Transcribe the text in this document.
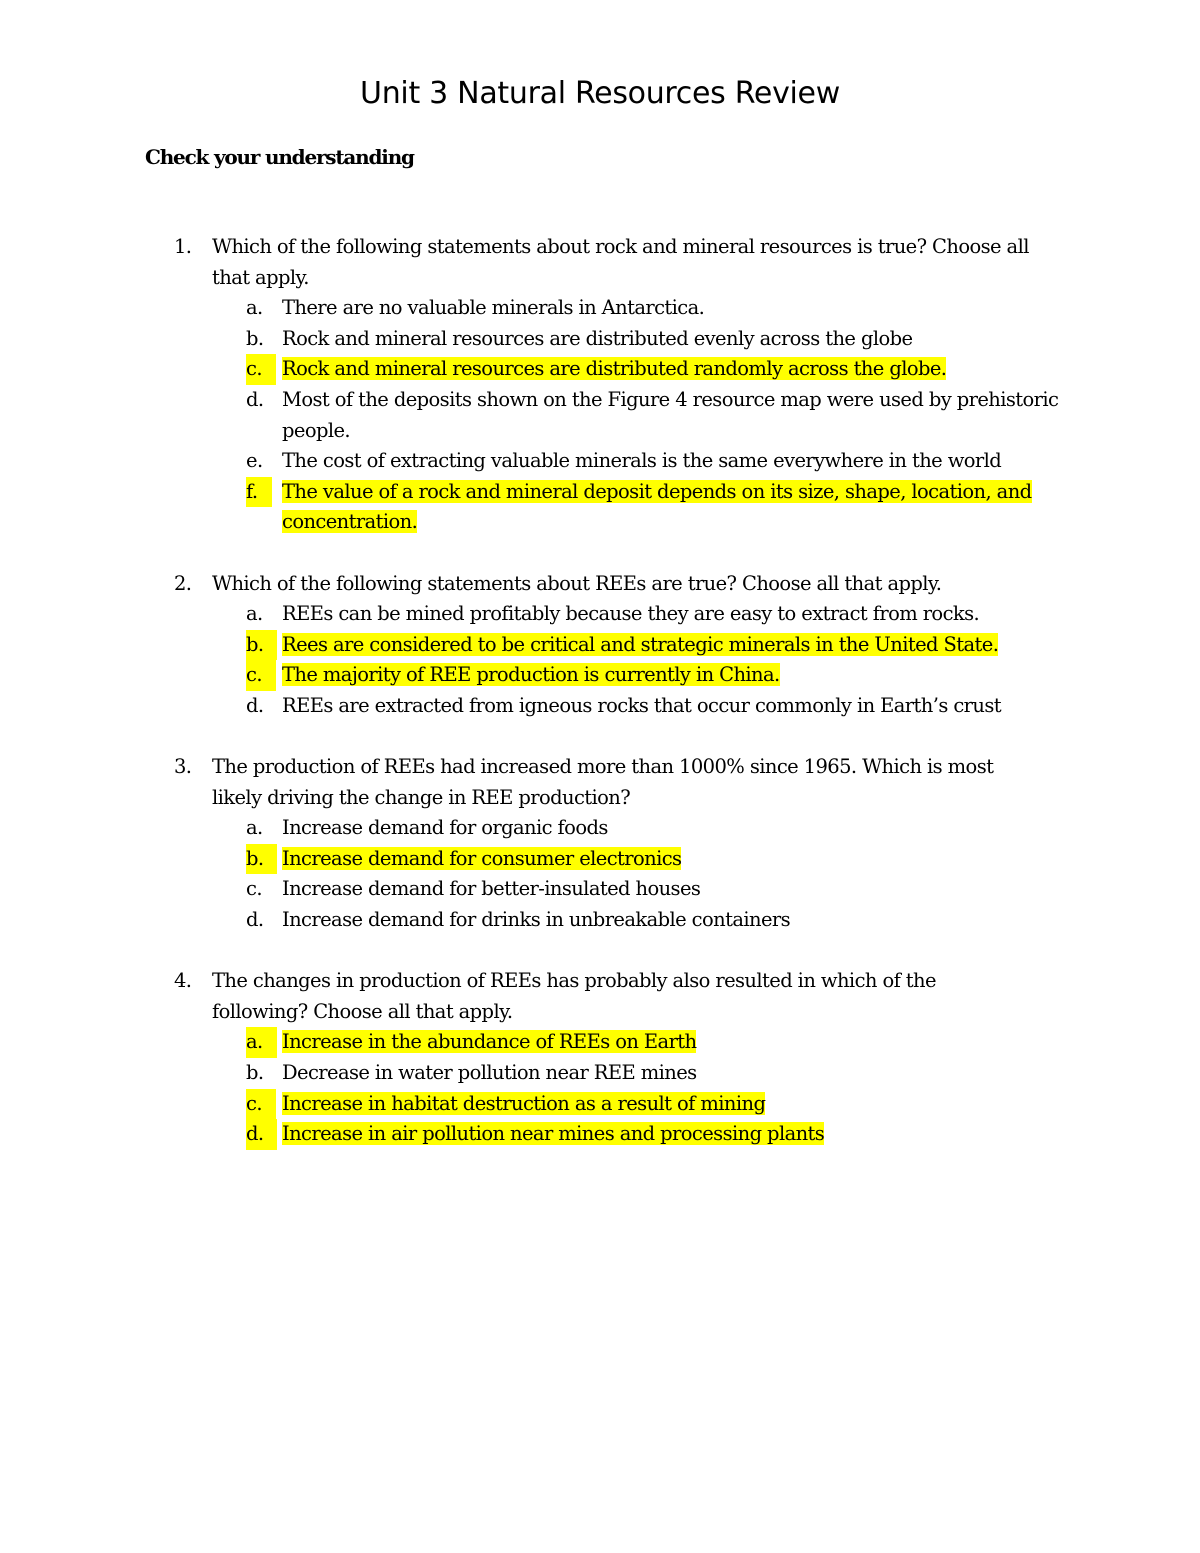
Unit 3 Natural Resources Review
Check your understanding
1. Which of the following statements about rock and mineral resources is true? Choose all that apply.
a. There are no valuable minerals in Antarctica.
b. Rock and mineral resources are distributed evenly across the globe
c.	Rock and mineral resources are distributed randomly across the globe.
d. Most of the deposits shown on the Figure 4 resource map were used by prehistoric people.
e. The cost of extracting valuable minerals is the same everywhere in the world
f.	The value of a rock and mineral deposit depends on its size, shape, location, and concentration.
2. Which of the following statements about REEs are true? Choose all that apply.
a. REEs can be mined profitably because they are easy to extract from rocks.
b. Rees are considered to be critical and strategic minerals in the United State.
c.	The majority of REE production is currently in China.
d. REEs are extracted from igneous rocks that occur commonly in Earth’s crust
3. The production of REEs had increased more than 1000% since 1965. Which is most likely driving the change in REE production?
a. Increase demand for organic foods
b. Increase demand for consumer electronics
c. Increase demand for better-insulated houses
d. Increase demand for drinks in unbreakable containers
4. The changes in production of REEs has probably also resulted in which of the following? Choose all that apply.
a. Increase in the abundance of REEs on Earth
b. Decrease in water pollution near REE mines
c.	Increase in habitat destruction as a result of mining
d. Increase in air pollution near mines and processing plants
